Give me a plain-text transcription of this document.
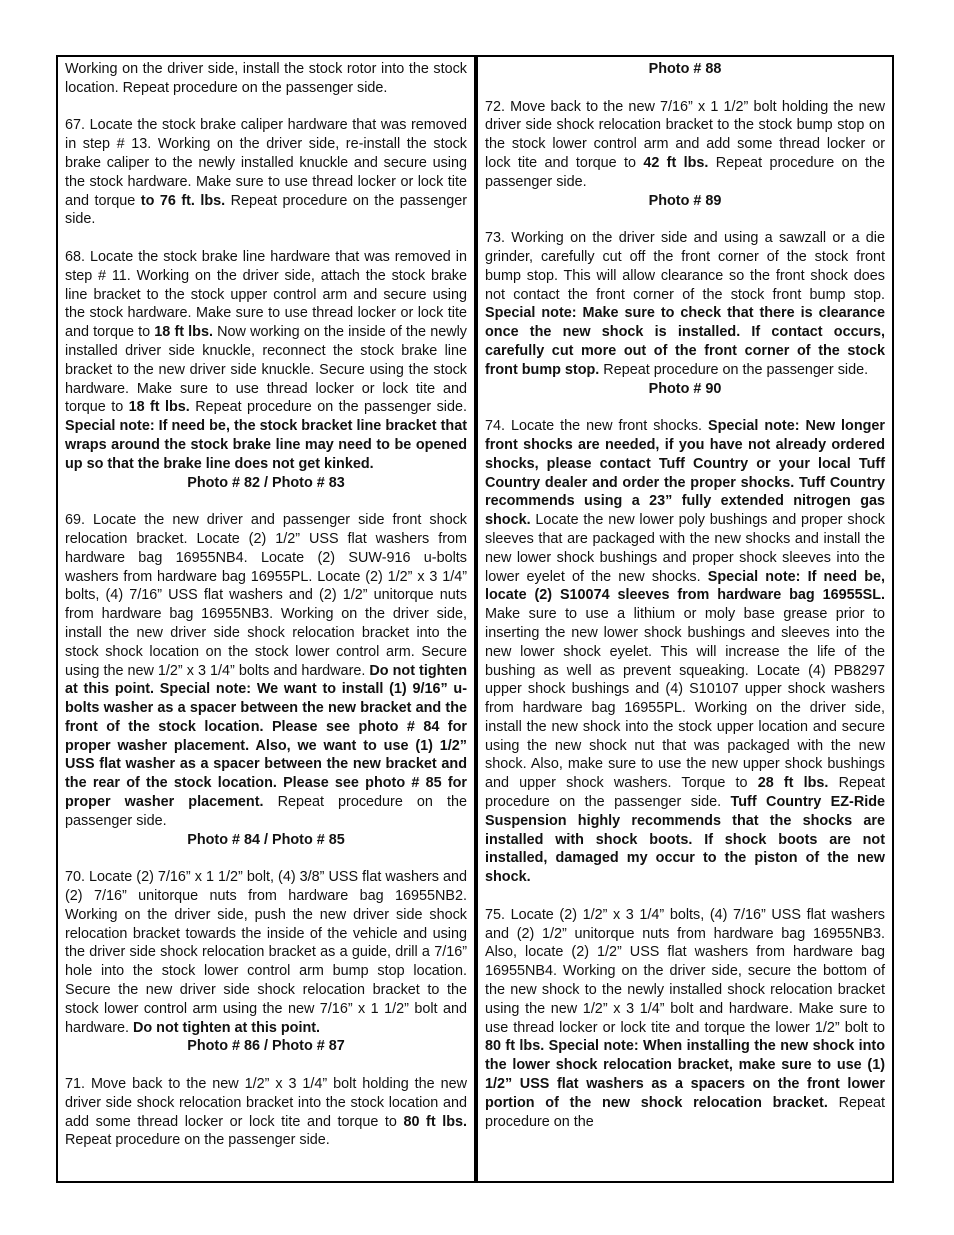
Working on the driver side, install the stock rotor into the stock location. Repeat procedure on the passenger side.

67. Locate the stock brake caliper hardware that was removed in step # 13. Working on the driver side, re-install the stock brake caliper to the newly installed knuckle and secure using the stock hardware. Make sure to use thread locker or lock tite and torque to 76 ft. lbs. Repeat procedure on the passenger side.

68. Locate the stock brake line hardware that was removed in step # 11. Working on the driver side, attach the stock brake line bracket to the stock upper control arm and secure using the stock hardware. Make sure to use thread locker or lock tite and torque to 18 ft lbs. Now working on the inside of the newly installed driver side knuckle, reconnect the stock brake line bracket to the new driver side knuckle. Secure using the stock hardware. Make sure to use thread locker or lock tite and torque to 18 ft lbs. Repeat procedure on the passenger side. Special note: If need be, the stock bracket line bracket that wraps around the stock brake line may need to be opened up so that the brake line does not get kinked.

Photo # 82 / Photo # 83

69. Locate the new driver and passenger side front shock relocation bracket. Locate (2) 1/2” USS flat washers from hardware bag 16955NB4. Locate (2) SUW-916 u-bolts washers from hardware bag 16955PL. Locate (2) 1/2” x 3 1/4” bolts, (4) 7/16” USS flat washers and (2) 1/2” unitorque nuts from hardware bag 16955NB3. Working on the driver side, install the new driver side shock relocation bracket into the stock shock location on the stock lower control arm. Secure using the new 1/2” x 3 1/4” bolts and hardware. Do not tighten at this point. Special note: We want to install (1) 9/16” u-bolts washer as a spacer between the new bracket and the front of the stock location. Please see photo # 84 for proper washer placement. Also, we want to use (1) 1/2” USS flat washer as a spacer between the new bracket and the rear of the stock location. Please see photo # 85 for proper washer placement. Repeat procedure on the passenger side.

Photo # 84 / Photo # 85

70. Locate (2) 7/16” x 1 1/2” bolt, (4) 3/8” USS flat washers and (2) 7/16” unitorque nuts from hardware bag 16955NB2. Working on the driver side, push the new driver side shock relocation bracket towards the inside of the vehicle and using the driver side shock relocation bracket as a guide, drill a 7/16” hole into the stock lower control arm bump stop location. Secure the new driver side shock relocation bracket to the stock lower control arm using the new 7/16” x 1 1/2” bolt and hardware. Do not tighten at this point.

Photo # 86 / Photo # 87

71. Move back to the new 1/2” x 3 1/4” bolt holding the new driver side shock relocation bracket into the stock location and add some thread locker or lock tite and torque to 80 ft lbs. Repeat procedure on the passenger side.

Photo # 88

72. Move back to the new 7/16” x 1 1/2” bolt holding the new driver side shock relocation bracket to the stock bump stop on the stock lower control arm and add some thread locker or lock tite and torque to 42 ft lbs. Repeat procedure on the passenger side.

Photo # 89

73. Working on the driver side and using a sawzall or a die grinder, carefully cut off the front corner of the stock front bump stop. This will allow clearance so the front shock does not contact the front corner of the stock front bump stop. Special note: Make sure to check that there is clearance once the new shock is installed. If contact occurs, carefully cut more out of the front corner of the stock front bump stop. Repeat procedure on the passenger side.

Photo # 90

74. Locate the new front shocks. Special note: New longer front shocks are needed, if you have not already ordered shocks, please contact Tuff Country or your local Tuff Country dealer and order the proper shocks. Tuff Country recommends using a 23” fully extended nitrogen gas shock. Locate the new lower poly bushings and proper shock sleeves that are packaged with the new shocks and install the new lower shock bushings and proper shock sleeves into the lower eyelet of the new shocks. Special note: If need be, locate (2) S10074 sleeves from hardware bag 16955SL. Make sure to use a lithium or moly base grease prior to inserting the new lower shock bushings and sleeves into the new lower shock eyelet. This will increase the life of the bushing as well as prevent squeaking. Locate (4) PB8297 upper shock bushings and (4) S10107 upper shock washers from hardware bag 16955PL. Working on the driver side, install the new shock into the stock upper location and secure using the new shock nut that was packaged with the new shock. Also, make sure to use the new upper shock bushings and upper shock washers. Torque to 28 ft lbs. Repeat procedure on the passenger side. Tuff Country EZ-Ride Suspension highly recommends that the shocks are installed with shock boots. If shock boots are not installed, damaged my occur to the piston of the new shock.

75. Locate (2) 1/2” x 3 1/4” bolts, (4) 7/16” USS flat washers and (2) 1/2” unitorque nuts from hardware bag 16955NB3. Also, locate (2) 1/2” USS flat washers from hardware bag 16955NB4. Working on the driver side, secure the bottom of the new shock to the newly installed shock relocation bracket using the new 1/2” x 3 1/4” bolt and hardware. Make sure to use thread locker or lock tite and torque the lower 1/2” bolt to 80 ft lbs. Special note: When installing the new shock into the lower shock relocation bracket, make sure to use (1) 1/2” USS flat washers as a spacers on the front lower portion of the new shock relocation bracket. Repeat procedure on the
